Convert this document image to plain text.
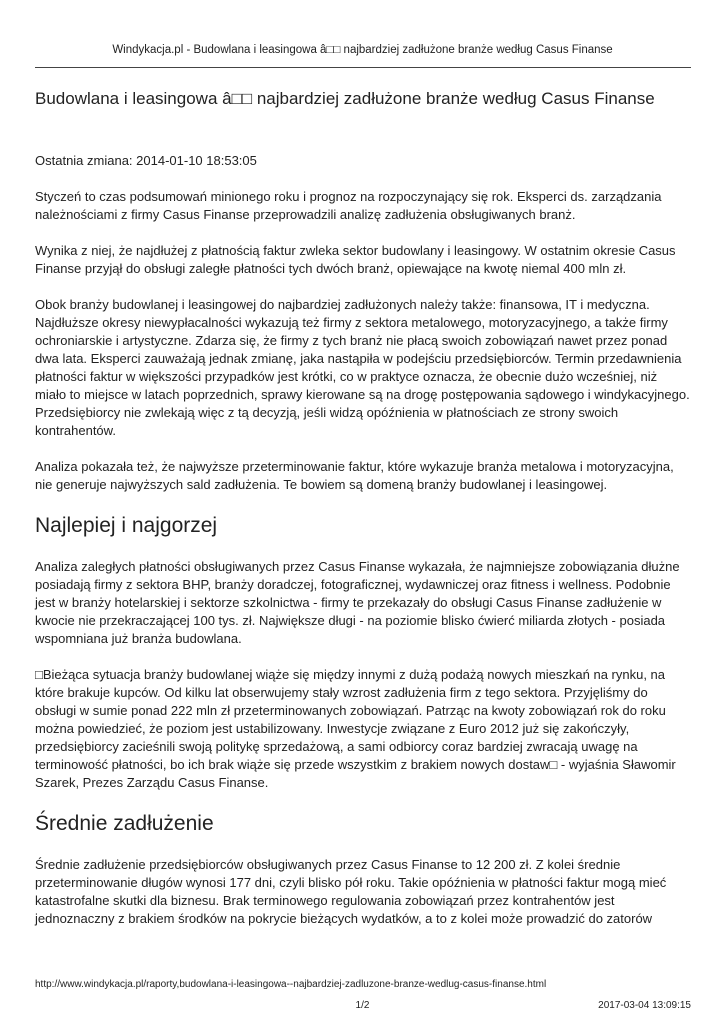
Windykacja.pl - Budowlana i leasingowa â□□ najbardziej zadłużone branże według Casus Finanse
Budowlana i leasingowa â□□ najbardziej zadłużone branże według Casus Finanse

Ostatnia zmiana: 2014-01-10 18:53:05

Styczeń to czas podsumowań minionego roku i prognoz na rozpoczynający się rok. Eksperci ds. zarządzania należnościami z firmy Casus Finanse przeprowadzili analizę zadłużenia obsługiwanych branż.

Wynika z niej, że najdłużej z płatnością faktur zwleka sektor budowlany i leasingowy. W ostatnim okresie Casus Finanse przyjął do obsługi zaległe płatności tych dwóch branż, opiewające na kwotę niemal 400 mln zł.

Obok branży budowlanej i leasingowej do najbardziej zadłużonych należy także: finansowa, IT i medyczna. Najdłuższe okresy niewypłacalności wykazują też firmy z sektora metalowego, motoryzacyjnego, a także firmy ochroniarskie i artystyczne. Zdarza się, że firmy z tych branż nie płacą swoich zobowiązań nawet przez ponad dwa lata. Eksperci zauważają jednak zmianę, jaka nastąpiła w podejściu przedsiębiorców. Termin przedawnienia płatności faktur w większości przypadków jest krótki, co w praktyce oznacza, że obecnie dużo wcześniej, niż miało to miejsce w latach poprzednich, sprawy kierowane są na drogę postępowania sądowego i windykacyjnego. Przedsiębiorcy nie zwlekają więc z tą decyzją, jeśli widzą opóźnienia w płatnościach ze strony swoich kontrahentów.

Analiza pokazała też, że najwyższe przeterminowanie faktur, które wykazuje branża metalowa i motoryzacyjna, nie generuje najwyższych sald zadłużenia. Te bowiem są domeną branży budowlanej i leasingowej.

Najlepiej i najgorzej

Analiza zaległych płatności obsługiwanych przez Casus Finanse wykazała, że najmniejsze zobowiązania dłużne posiadają firmy z sektora BHP, branży doradczej, fotograficznej, wydawniczej oraz fitness i wellness. Podobnie jest w branży hotelarskiej i sektorze szkolnictwa - firmy te przekazały do obsługi Casus Finanse zadłużenie w kwocie nie przekraczającej 100 tys. zł. Największe długi - na poziomie blisko ćwierć miliarda złotych - posiada wspomniana już branża budowlana.

□Bieżąca sytuacja branży budowlanej wiąże się między innymi z dużą podażą nowych mieszkań na rynku, na które brakuje kupców. Od kilku lat obserwujemy stały wzrost zadłużenia firm z tego sektora. Przyjęliśmy do obsługi w sumie ponad 222 mln zł przeterminowanych zobowiązań. Patrząc na kwoty zobowiązań rok do roku można powiedzieć, że poziom jest ustabilizowany. Inwestycje związane z Euro 2012 już się zakończyły, przedsiębiorcy zacieśnili swoją politykę sprzedażową, a sami odbiorcy coraz bardziej zwracają uwagę na terminowość płatności, bo ich brak wiąże się przede wszystkim z brakiem nowych dostaw□ - wyjaśnia Sławomir Szarek, Prezes Zarządu Casus Finanse.

Średnie zadłużenie

Średnie zadłużenie przedsiębiorców obsługiwanych przez Casus Finanse to 12 200 zł. Z kolei średnie przeterminowanie długów wynosi 177 dni, czyli blisko pół roku. Takie opóźnienia w płatności faktur mogą mieć katastrofalne skutki dla biznesu. Brak terminowego regulowania zobowiązań przez kontrahentów jest jednoznaczny z brakiem środków na pokrycie bieżących wydatków, a to z kolei może prowadzić do zatorów

http://www.windykacja.pl/raporty,budowlana-i-leasingowa--najbardziej-zadluzone-branze-wedlug-casus-finanse.html
1/2	2017-03-04 13:09:15
